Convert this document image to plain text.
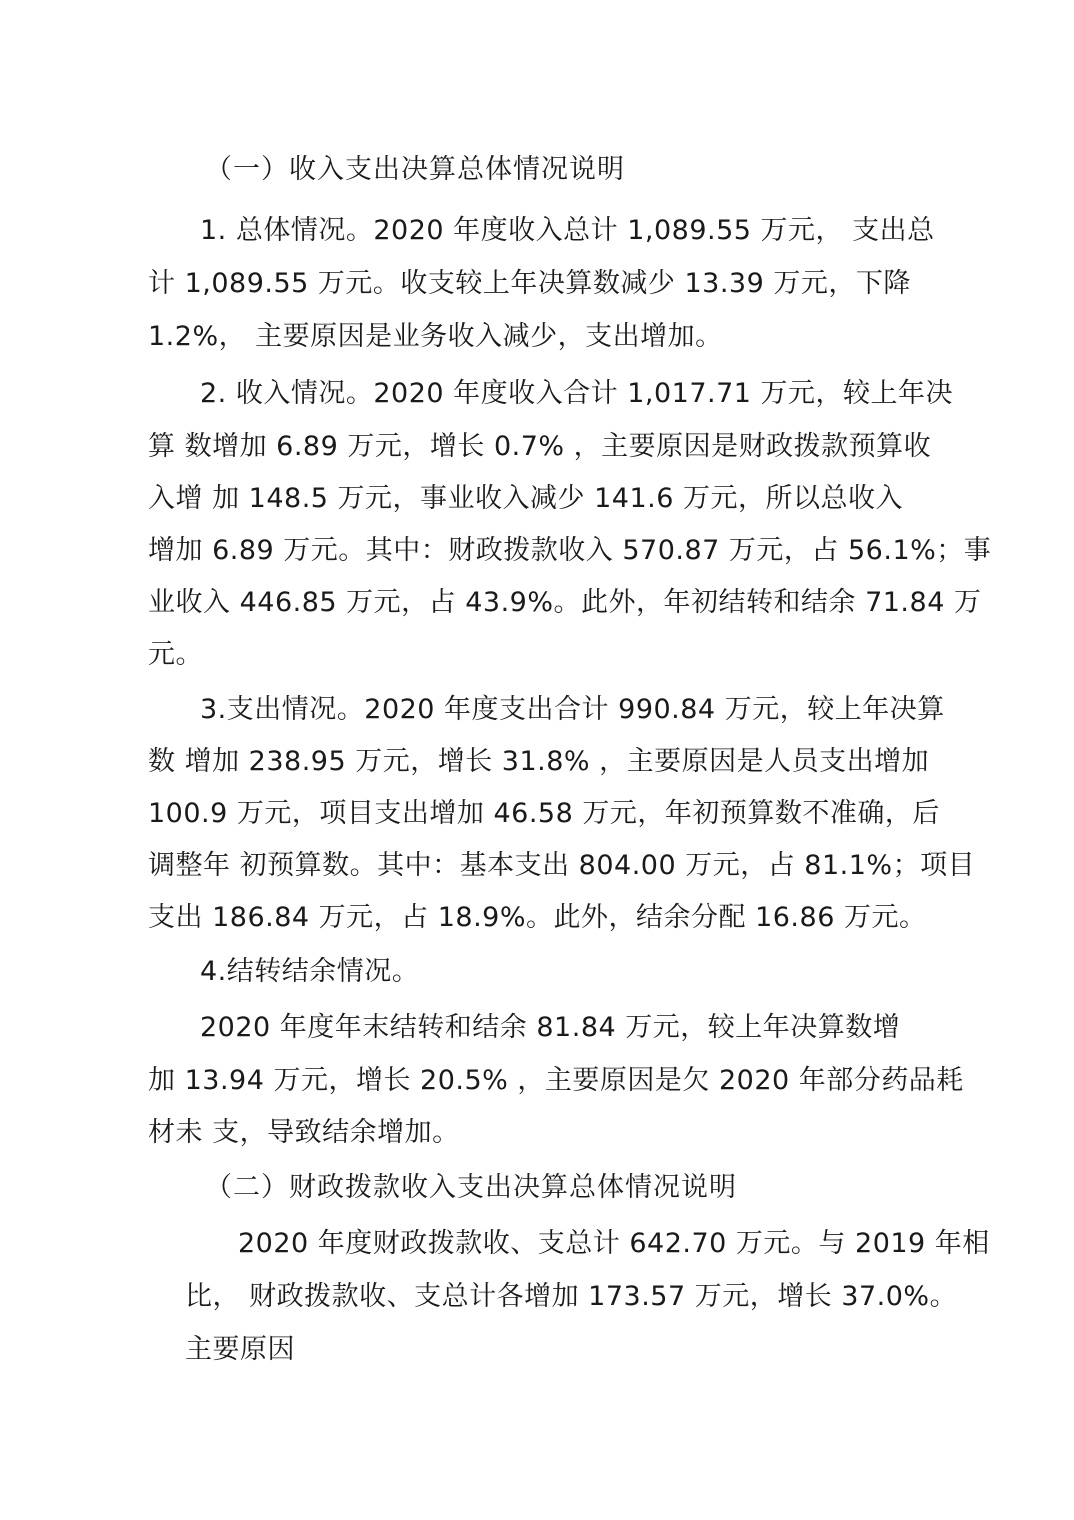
（一）收入支出决算总体情况说明

1. 总体情况。2020 年度收入总计 1,089.55 万元， 支出总

计 1,089.55 万元。收支较上年决算数减少 13.39 万元，下降

1.2%， 主要原因是业务收入减少，支出增加。

2. 收入情况。2020 年度收入合计 1,017.71 万元，较上年决

算 数增加 6.89 万元，增长 0.7% ，主要原因是财政拨款预算收

入增 加 148.5 万元，事业收入减少 141.6 万元，所以总收入

增加 6.89 万元。其中：财政拨款收入 570.87 万元，占 56.1%；事

业收入 446.85 万元，占 43.9%。此外，年初结转和结余 71.84 万

元。

3.支出情况。2020 年度支出合计 990.84 万元，较上年决算

数 增加 238.95 万元，增长 31.8% ，主要原因是人员支出增加

100.9 万元，项目支出增加 46.58 万元，年初预算数不准确，后

调整年 初预算数。其中：基本支出 804.00 万元，占 81.1%；项目

支出 186.84 万元，占 18.9%。此外，结余分配 16.86 万元。

4.结转结余情况。

2020 年度年末结转和结余 81.84 万元，较上年决算数增

加 13.94 万元，增长 20.5% ，主要原因是欠 2020 年部分药品耗

材未 支，导致结余增加。

（二）财政拨款收入支出决算总体情况说明

2020 年度财政拨款收、支总计 642.70 万元。与 2019 年相

比， 财政拨款收、支总计各增加 173.57 万元，增长 37.0%。

主要原因
